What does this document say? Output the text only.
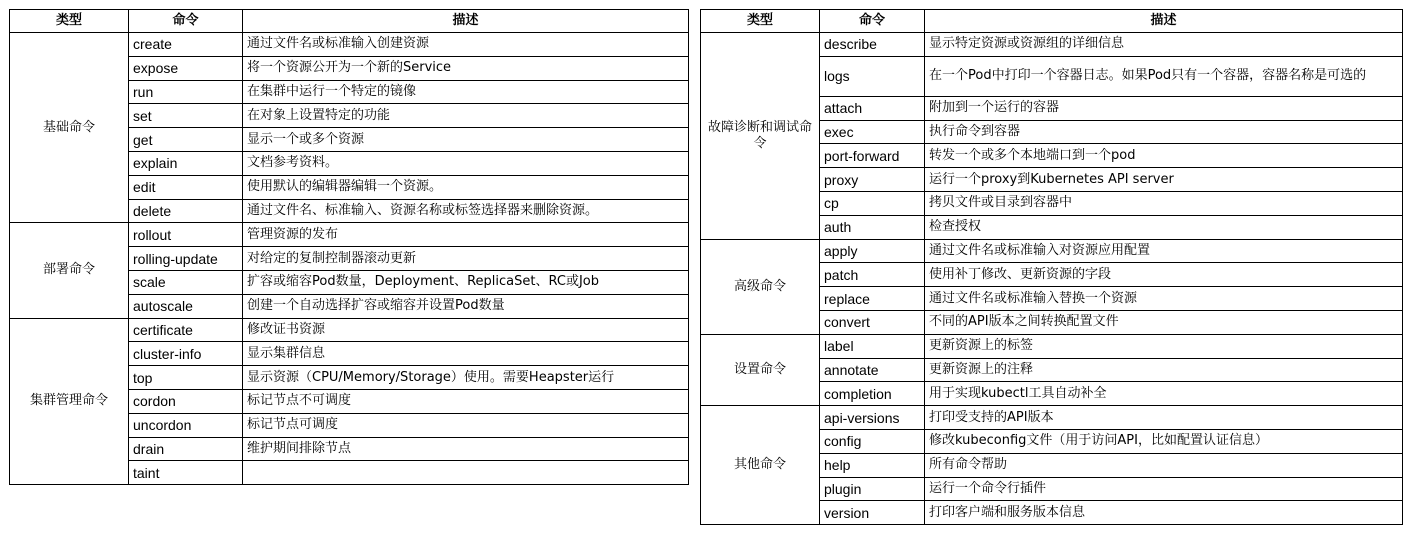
类型	命令	描述
基础命令	create	通过文件名或标准输入创建资源
	expose	将一个资源公开为一个新的Service
	run	在集群中运行一个特定的镜像
	set	在对象上设置特定的功能
	get	显示一个或多个资源
	explain	文档参考资料。
	edit	使用默认的编辑器编辑一个资源。
	delete	通过文件名、标准输入、资源名称或标签选择器来删除资源。
部署命令	rollout	管理资源的发布
	rolling-update	对给定的复制控制器滚动更新
	scale	扩容或缩容Pod数量，Deployment、ReplicaSet、RC或Job
	autoscale	创建一个自动选择扩容或缩容并设置Pod数量
集群管理命令	certificate	修改证书资源
	cluster-info	显示集群信息
	top	显示资源（CPU/Memory/Storage）使用。需要Heapster运行
	cordon	标记节点不可调度
	uncordon	标记节点可调度
	drain	维护期间排除节点
	taint	
类型	命令	描述
故障诊断和调试命令	describe	显示特定资源或资源组的详细信息
	logs	在一个Pod中打印一个容器日志。如果Pod只有一个容器，容器名称是可选的
	attach	附加到一个运行的容器
	exec	执行命令到容器
	port-forward	转发一个或多个本地端口到一个pod
	proxy	运行一个proxy到Kubernetes API server
	cp	拷贝文件或目录到容器中
	auth	检查授权
高级命令	apply	通过文件名或标准输入对资源应用配置
	patch	使用补丁修改、更新资源的字段
	replace	通过文件名或标准输入替换一个资源
	convert	不同的API版本之间转换配置文件
设置命令	label	更新资源上的标签
	annotate	更新资源上的注释
	completion	用于实现kubectl工具自动补全
其他命令	api-versions	打印受支持的API版本
	config	修改kubeconfig文件（用于访问API，比如配置认证信息）
	help	所有命令帮助
	plugin	运行一个命令行插件
	version	打印客户端和服务版本信息
